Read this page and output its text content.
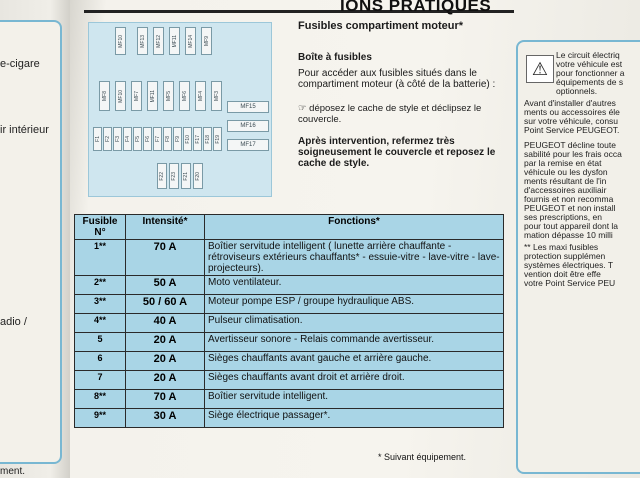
e-cigare
ir intérieur
adio /
ment.
IONS PRATIQUES
MF10	MF13 MF12 MF11 MF14 MF9
MF8 MF10 MF7 MF11 MF5 MF6 MF4 MF3
MF15
MF16
MF17
F1 F2 F3 F4 F5 F6 F7 F8 F9 F10 F17 F18 F19
F22 F23 F21 F20
Fusibles compartiment moteur*
Boîte à fusibles
Pour accéder aux fusibles situés dans le compartiment moteur (à côté de la batterie) :
☞ déposez le cache de style et déclipsez le couvercle.
Après intervention, refermez très soigneusement le couvercle et reposez le cache de style.
⚠
Le circuit électriq
votre véhicule est
pour fonctionner a
équipements de s
optionnels.
Avant d'installer d'autres
ments ou accessoires éle
sur votre véhicule, consu
Point Service PEUGEOT.
PEUGEOT décline toute
sabilité pour les frais occa
par la remise en état
véhicule ou les dysfon
ments résultant de l'in
d'accessoires auxiliair
fournis et non recomma
PEUGEOT et non install
ses prescriptions, en
pour tout appareil dont la
mation dépasse 10 milli
** Les maxi fusibles
protection supplémen
systèmes électriques. T
vention doit être effe
votre Point Service PEU
Fusible N°	Intensité*	Fonctions*
1**	70 A	Boîtier servitude intelligent ( lunette arrière chauffante - rétroviseurs extérieurs chauffants* - essuie-vitre - lave-vitre - lave-projecteurs).
2**	50 A	Moto ventilateur.
3**	50 / 60 A	Moteur pompe ESP / groupe hydraulique ABS.
4**	40 A	Pulseur climatisation.
5	20 A	Avertisseur sonore - Relais commande avertisseur.
6	20 A	Sièges chauffants avant gauche et arrière gauche.
7	20 A	Sièges chauffants avant droit et arrière droit.
8**	70 A	Boîtier servitude intelligent.
9**	30 A	Siège électrique passager*.
* Suivant équipement.
